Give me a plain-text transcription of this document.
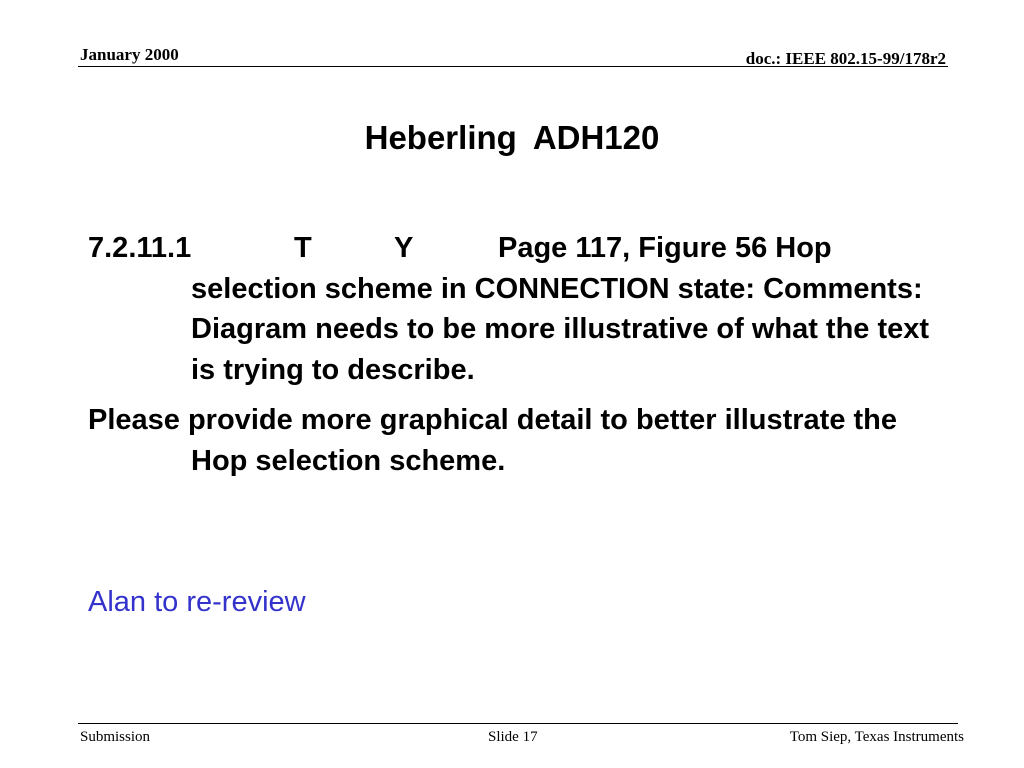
January 2000	doc.: IEEE 802.15-99/178r2
Heberling ADH120

7.2.11.1	T	Y	Page 117, Figure 56 Hop selection scheme in CONNECTION state: Comments: Diagram needs to be more illustrative of what the text is trying to describe.

Please provide more graphical detail to better illustrate the Hop selection scheme.

Alan to re-review
Submission	Slide 17	Tom Siep, Texas Instruments
